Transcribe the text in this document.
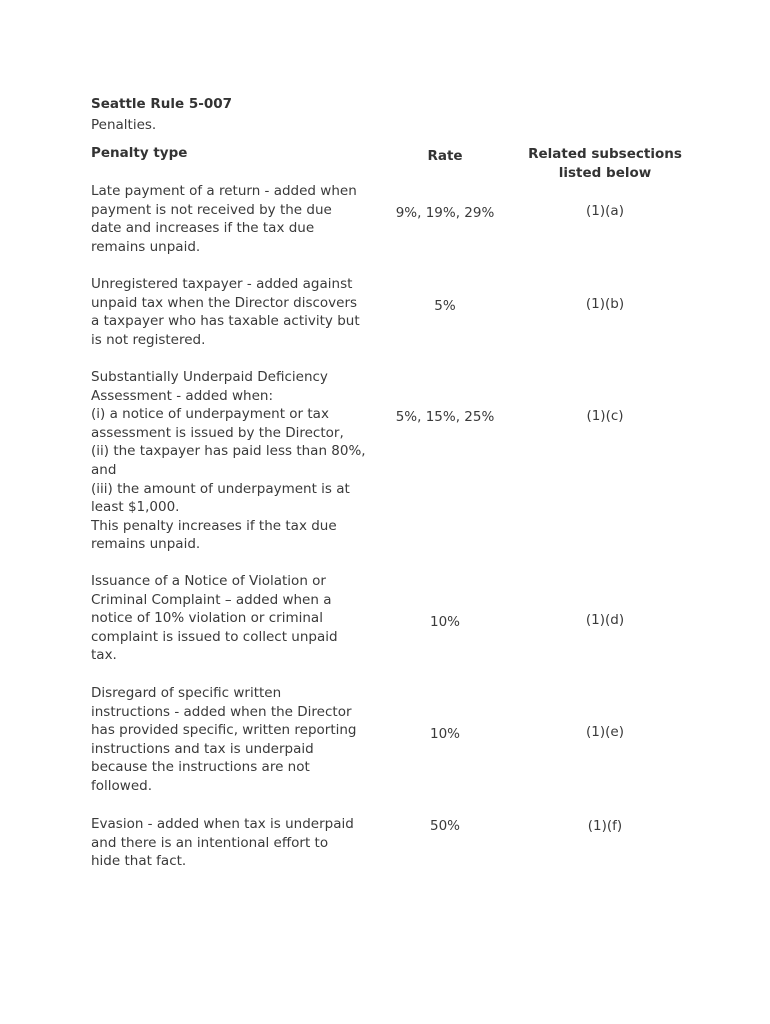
Seattle Rule 5-007
Penalties.
Penalty type	Rate	Related subsections
listed below
Late payment of a return - added when
payment is not received by the due
date and increases if the tax due
remains unpaid.
9%, 19%, 29%	(1)(a)
Unregistered taxpayer - added against
unpaid tax when the Director discovers
a taxpayer who has taxable activity but
is not registered.
5%	(1)(b)
Substantially Underpaid Deficiency
Assessment - added when:
(i) a notice of underpayment or tax
assessment is issued by the Director,
(ii) the taxpayer has paid less than 80%,
and
(iii) the amount of underpayment is at
least $1,000.
This penalty increases if the tax due
remains unpaid.
5%, 15%, 25%	(1)(c)
Issuance of a Notice of Violation or
Criminal Complaint – added when a
notice of 10% violation or criminal
complaint is issued to collect unpaid
tax.
10%	(1)(d)
Disregard of specific written
instructions - added when the Director
has provided specific, written reporting
instructions and tax is underpaid
because the instructions are not
followed.
10%	(1)(e)
Evasion - added when tax is underpaid
and there is an intentional effort to
hide that fact.
50%	(1)(f)
